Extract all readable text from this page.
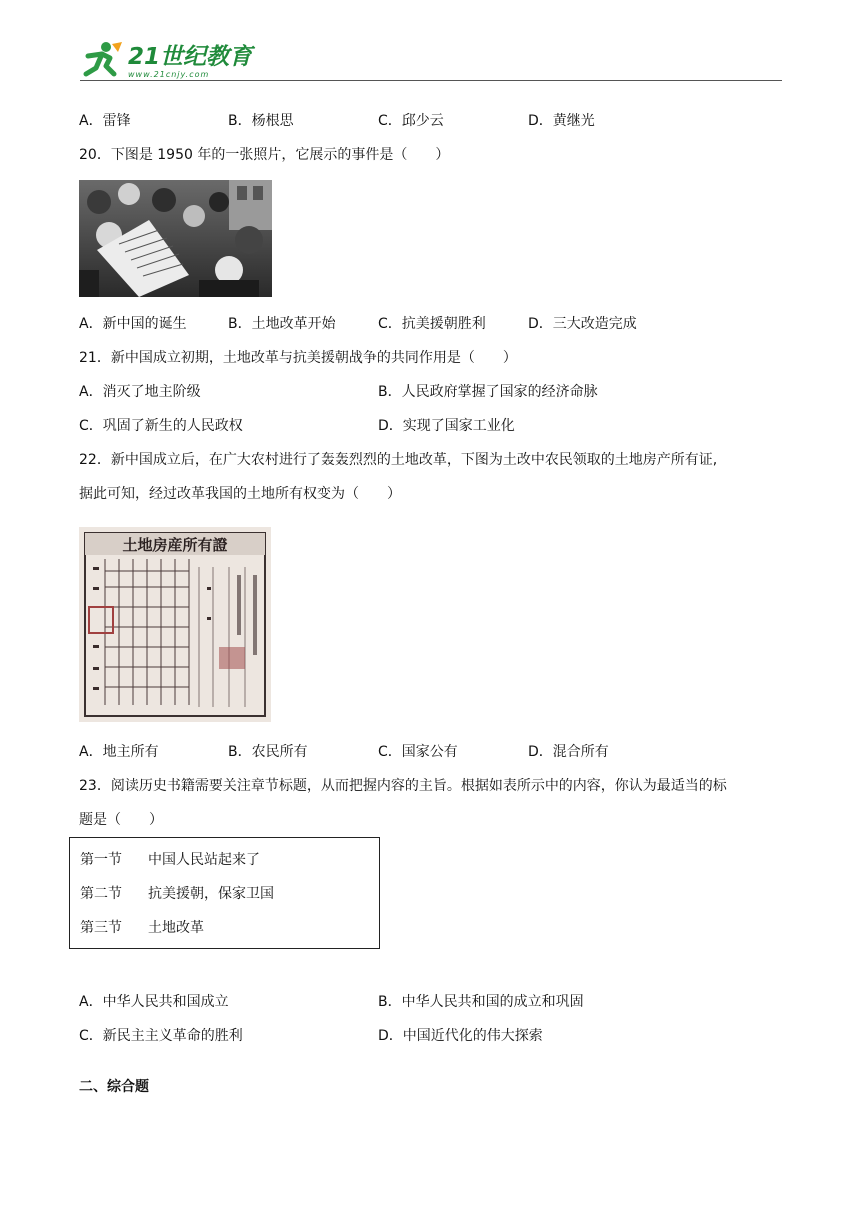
21世纪教育
www.21cnjy.com
A．雷锋	B．杨根思	C．邱少云	D．黄继光
20．下图是 1950 年的一张照片，它展示的事件是（　　）
A．新中国的诞生	B．土地改革开始	C．抗美援朝胜利	D．三大改造完成
21．新中国成立初期，土地改革与抗美援朝战争的共同作用是（　　）
A．消灭了地主阶级	B．人民政府掌握了国家的经济命脉
C．巩固了新生的人民政权	D．实现了国家工业化
22．新中国成立后，在广大农村进行了轰轰烈烈的土地改革，下图为土改中农民领取的土地房产所有证,
据此可知，经过改革我国的土地所有权变为（　　）
土地房産所有證
A．地主所有	B．农民所有	C．国家公有	D．混合所有
23．阅读历史书籍需要关注章节标题，从而把握内容的主旨。根据如表所示中的内容，你认为最适当的标
题是（　　）
第一节 中国人民站起来了
第二节 抗美援朝，保家卫国
第三节 土地改革
A．中华人民共和国成立	B．中华人民共和国的成立和巩固
C．新民主主义革命的胜利	D．中国近代化的伟大探索
二、综合题
